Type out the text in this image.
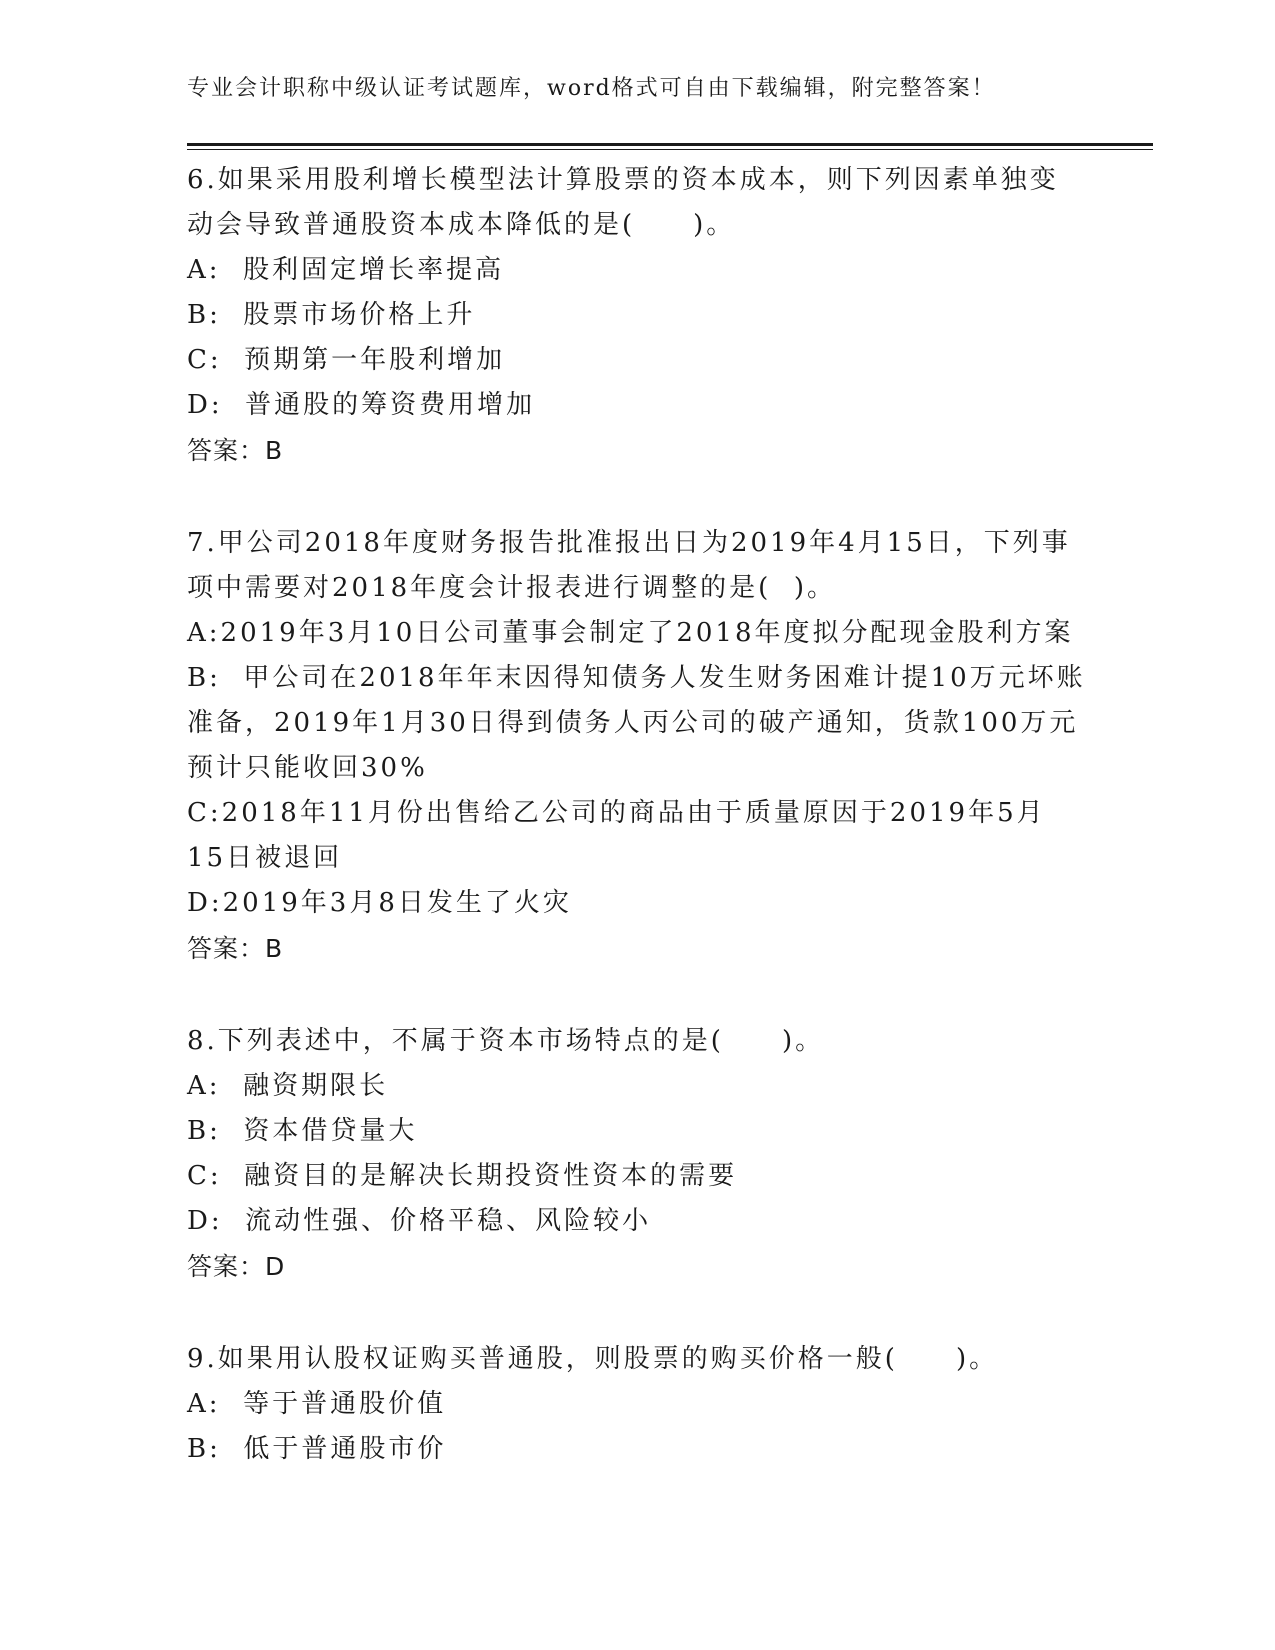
专业会计职称中级认证考试题库，word格式可自由下载编辑，附完整答案！
6.如果采用股利增长模型法计算股票的资本成本，则下列因素单独变
动会导致普通股资本成本降低的是(　　)。
A:  股利固定增长率提高
B:  股票市场价格上升
C:  预期第一年股利增加
D:  普通股的筹资费用增加
答案：B
7.甲公司2018年度财务报告批准报出日为2019年4月15日，下列事
项中需要对2018年度会计报表进行调整的是(  )。
A:2019年3月10日公司董事会制定了2018年度拟分配现金股利方案
B:  甲公司在2018年年末因得知债务人发生财务困难计提10万元坏账
准备，2019年1月30日得到债务人丙公司的破产通知，货款100万元
预计只能收回30%
C:2018年11月份出售给乙公司的商品由于质量原因于2019年5月
15日被退回
D:2019年3月8日发生了火灾
答案：B
8.下列表述中，不属于资本市场特点的是(　　)。
A:  融资期限长
B:  资本借贷量大
C:  融资目的是解决长期投资性资本的需要
D:  流动性强、价格平稳、风险较小
答案：D
9.如果用认股权证购买普通股，则股票的购买价格一般(　　)。
A:  等于普通股价值
B:  低于普通股市价
